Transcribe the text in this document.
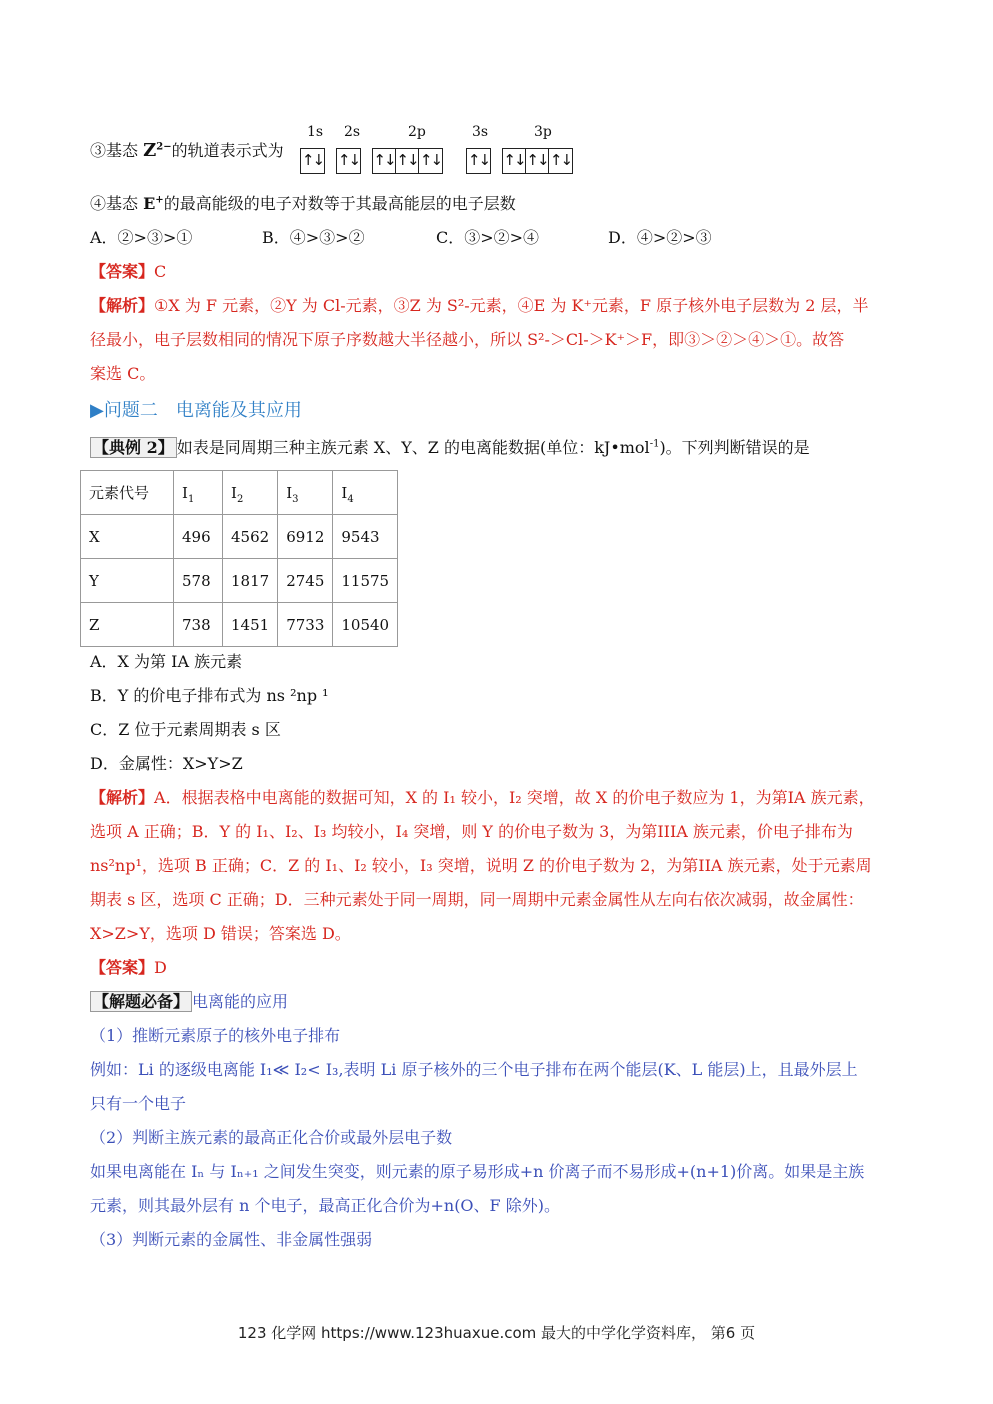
③基态 $Z^{2-}$的轨道表示式为
1s 2s	2p	3s	3p
↑↓ ↑↓ ↑↓ ↑↓ ↑↓ ↑↓ ↑↓ ↑↓ ↑↓
④基态 E+的最高能级的电子对数等于其最高能层的电子层数
A．②>③>①	B．④>③>②	C．③>②>④	D．④>②>③
【答案】C
【解析】①X 为 F 元素，②Y 为 Cl-元素，③Z 为 S²-元素，④E 为 K⁺元素，F 原子核外电子层数为 2 层，半
径最小，电子层数相同的情况下原子序数越大半径越小，所以 S²-＞Cl-＞K⁺＞F，即③＞②＞④＞①。故答
案选 C。
▶问题二　电离能及其应用
【典例 2】 如表是同周期三种主族元素 X、Y、Z 的电离能数据(单位：kJ•mol$^{-1}$)。下列判断错误的是
元素代号	$I_1$	$I_2$	$I_3$	$I_4$
X	496	4562	6912	9543
Y	578	1817	2745	11575
Z	738	1451	7733	10540
A．X 为第 IA 族元素
B．Y 的价电子排布式为 ns ²np ¹
C．Z 位于元素周期表 s 区
D．金属性：X>Y>Z
【解析】A．根据表格中电离能的数据可知，X 的 I₁ 较小，I₂ 突增，故 X 的价电子数应为 1，为第IA 族元素，
选项 A 正确；B．Y 的 I₁、I₂、I₃ 均较小，I₄ 突增，则 Y 的价电子数为 3，为第IIIA 族元素，价电子排布为
ns²np¹，选项 B 正确；C．Z 的 I₁、I₂ 较小，I₃ 突增，说明 Z 的价电子数为 2，为第IIA 族元素，处于元素周
期表 s 区，选项 C 正确；D．三种元素处于同一周期，同一周期中元素金属性从左向右依次减弱，故金属性：
X>Z>Y，选项 D 错误；答案选 D。
【答案】D
【解题必备】 电离能的应用
（1）推断元素原子的核外电子排布
例如：Li 的逐级电离能 I₁≪ I₂< I₃,表明 Li 原子核外的三个电子排布在两个能层(K、L 能层)上，且最外层上
只有一个电子
（2）判断主族元素的最高正化合价或最外层电子数
如果电离能在 Iₙ 与 Iₙ₊₁ 之间发生突变，则元素的原子易形成+n 价离子而不易形成+(n+1)价离。如果是主族
元素，则其最外层有 n 个电子，最高正化合价为+n(O、F 除外)。
（3）判断元素的金属性、非金属性强弱
123 化学网 https://www.123huaxue.com 最大的中学化学资料库， 第6 页
